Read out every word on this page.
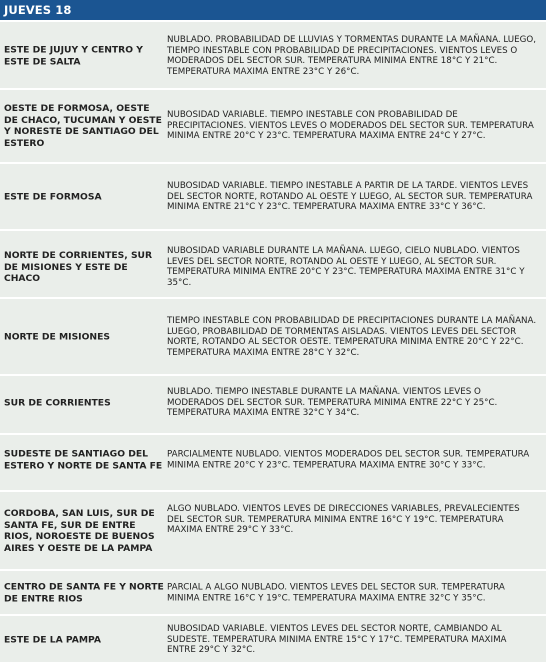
JUEVES 18
ESTE DE JUJUY Y CENTRO Y ESTE DE SALTA
NUBLADO. PROBABILIDAD DE LLUVIAS Y TORMENTAS DURANTE LA MAÑANA. LUEGO, TIEMPO INESTABLE CON PROBABILIDAD DE PRECIPITACIONES. VIENTOS LEVES O MODERADOS DEL SECTOR SUR. TEMPERATURA MINIMA ENTRE 18°C Y 21°C. TEMPERATURA MAXIMA ENTRE 23°C Y 26°C.
OESTE DE FORMOSA, OESTE DE CHACO, TUCUMAN Y OESTE Y NORESTE DE SANTIAGO DEL ESTERO
NUBOSIDAD VARIABLE. TIEMPO INESTABLE CON PROBABILIDAD DE PRECIPITACIONES. VIENTOS LEVES O MODERADOS DEL SECTOR SUR. TEMPERATURA MINIMA ENTRE 20°C Y 23°C. TEMPERATURA MAXIMA ENTRE 24°C Y 27°C.
ESTE DE FORMOSA
NUBOSIDAD VARIABLE. TIEMPO INESTABLE A PARTIR DE LA TARDE. VIENTOS LEVES DEL SECTOR NORTE, ROTANDO AL OESTE Y LUEGO, AL SECTOR SUR. TEMPERATURA MINIMA ENTRE 21°C Y 23°C. TEMPERATURA MAXIMA ENTRE 33°C Y 36°C.
NORTE DE CORRIENTES, SUR DE MISIONES Y ESTE DE CHACO
NUBOSIDAD VARIABLE DURANTE LA MAÑANA. LUEGO, CIELO NUBLADO. VIENTOS LEVES DEL SECTOR NORTE, ROTANDO AL OESTE Y LUEGO, AL SECTOR SUR. TEMPERATURA MINIMA ENTRE 20°C Y 23°C. TEMPERATURA MAXIMA ENTRE 31°C Y 35°C.
NORTE DE MISIONES
TIEMPO INESTABLE CON PROBABILIDAD DE PRECIPITACIONES DURANTE LA MAÑANA. LUEGO, PROBABILIDAD DE TORMENTAS AISLADAS. VIENTOS LEVES DEL SECTOR NORTE, ROTANDO AL SECTOR OESTE. TEMPERATURA MINIMA ENTRE 20°C Y 22°C. TEMPERATURA MAXIMA ENTRE 28°C Y 32°C.
SUR DE CORRIENTES
NUBLADO. TIEMPO INESTABLE DURANTE LA MAÑANA. VIENTOS LEVES O MODERADOS DEL SECTOR SUR. TEMPERATURA MINIMA ENTRE 22°C Y 25°C. TEMPERATURA MAXIMA ENTRE 32°C Y 34°C.
SUDESTE DE SANTIAGO DEL ESTERO Y NORTE DE SANTA FE
PARCIALMENTE NUBLADO. VIENTOS MODERADOS DEL SECTOR SUR. TEMPERATURA MINIMA ENTRE 20°C Y 23°C. TEMPERATURA MAXIMA ENTRE 30°C Y 33°C.
CORDOBA, SAN LUIS, SUR DE SANTA FE, SUR DE ENTRE RIOS, NOROESTE DE BUENOS AIRES Y OESTE DE LA PAMPA
ALGO NUBLADO. VIENTOS LEVES DE DIRECCIONES VARIABLES, PREVALECIENTES DEL SECTOR SUR. TEMPERATURA MINIMA ENTRE 16°C Y 19°C. TEMPERATURA MAXIMA ENTRE 29°C Y 33°C.
CENTRO DE SANTA FE Y NORTE DE ENTRE RIOS
PARCIAL A ALGO NUBLADO. VIENTOS LEVES DEL SECTOR SUR. TEMPERATURA MINIMA ENTRE 16°C Y 19°C. TEMPERATURA MAXIMA ENTRE 32°C Y 35°C.
ESTE DE LA PAMPA
NUBOSIDAD VARIABLE. VIENTOS LEVES DEL SECTOR NORTE, CAMBIANDO AL SUDESTE. TEMPERATURA MINIMA ENTRE 15°C Y 17°C. TEMPERATURA MAXIMA ENTRE 29°C Y 32°C.
